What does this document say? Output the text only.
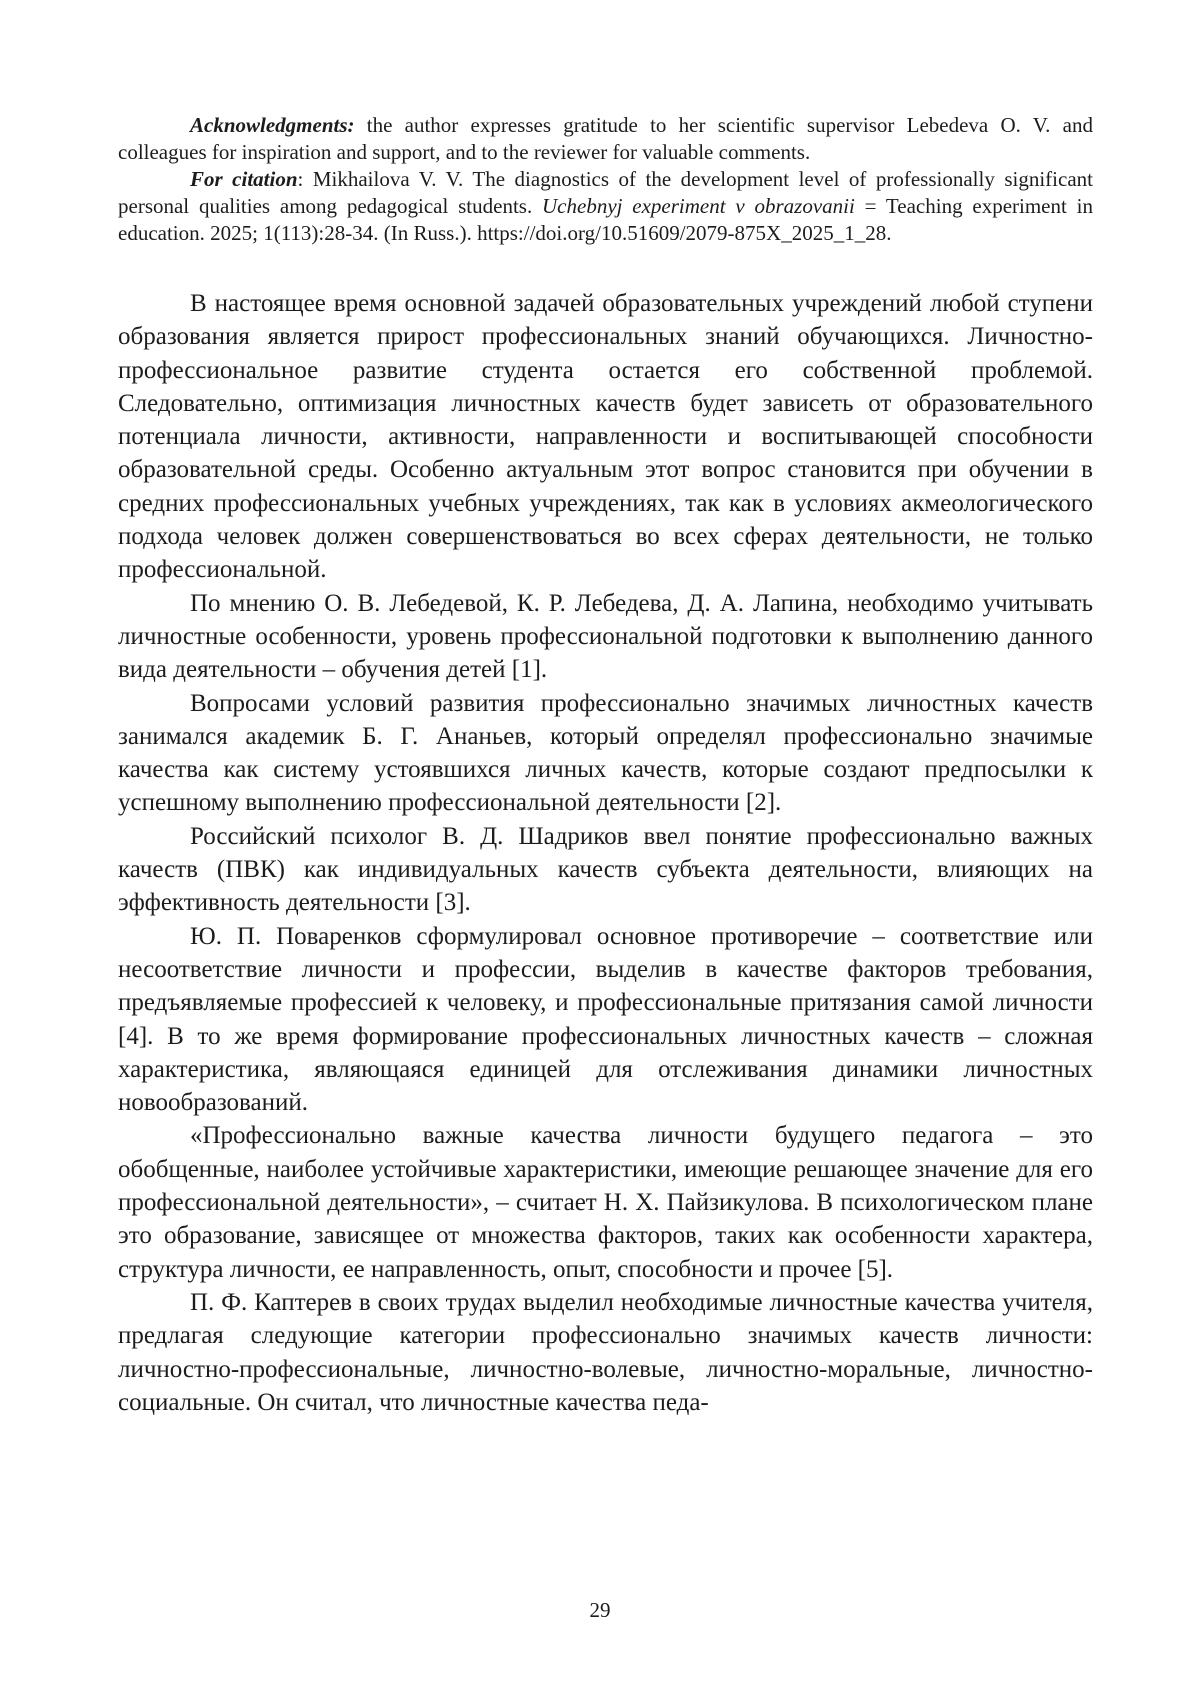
Acknowledgments: the author expresses gratitude to her scientific supervisor Lebedeva O. V. and colleagues for inspiration and support, and to the reviewer for valuable comments.

For citation: Mikhailova V. V. The diagnostics of the development level of professionally significant personal qualities among pedagogical students. Uchebnyj experiment v obrazovanii = Teaching experiment in education. 2025; 1(113):28-34. (In Russ.). https://doi.org/10.51609/2079-875X_2025_1_28.

В настоящее время основной задачей образовательных учреждений любой ступени образования является прирост профессиональных знаний обучающихся. Личностно-профессиональное развитие студента остается его собственной проблемой. Следовательно, оптимизация личностных качеств будет зависеть от образовательного потенциала личности, активности, направленности и воспитывающей способности образовательной среды. Особенно актуальным этот вопрос становится при обучении в средних профессиональных учебных учреждениях, так как в условиях акмеологического подхода человек должен совершенствоваться во всех сферах деятельности, не только профессиональной.

По мнению О. В. Лебедевой, К. Р. Лебедева, Д. А. Лапина, необходимо учитывать личностные особенности, уровень профессиональной подготовки к выполнению данного вида деятельности – обучения детей [1].

Вопросами условий развития профессионально значимых личностных качеств занимался академик Б. Г. Ананьев, который определял профессионально значимые качества как систему устоявшихся личных качеств, которые создают предпосылки к успешному выполнению профессиональной деятельности [2].

Российский психолог В. Д. Шадриков ввел понятие профессионально важных качеств (ПВК) как индивидуальных качеств субъекта деятельности, влияющих на эффективность деятельности [3].

Ю. П. Поваренков сформулировал основное противоречие – соответствие или несоответствие личности и профессии, выделив в качестве факторов требования, предъявляемые профессией к человеку, и профессиональные притязания самой личности [4]. В то же время формирование профессиональных личностных качеств – сложная характеристика, являющаяся единицей для отслеживания динамики личностных новообразований.

«Профессионально важные качества личности будущего педагога – это обобщенные, наиболее устойчивые характеристики, имеющие решающее значение для его профессиональной деятельности», – считает Н. Х. Пайзикулова. В психологическом плане это образование, зависящее от множества факторов, таких как особенности характера, структура личности, ее направленность, опыт, способности и прочее [5].

П. Ф. Каптерев в своих трудах выделил необходимые личностные качества учителя, предлагая следующие категории профессионально значимых качеств личности: личностно-профессиональные, личностно-волевые, личностно-моральные, личностно-социальные. Он считал, что личностные качества педа-

29
